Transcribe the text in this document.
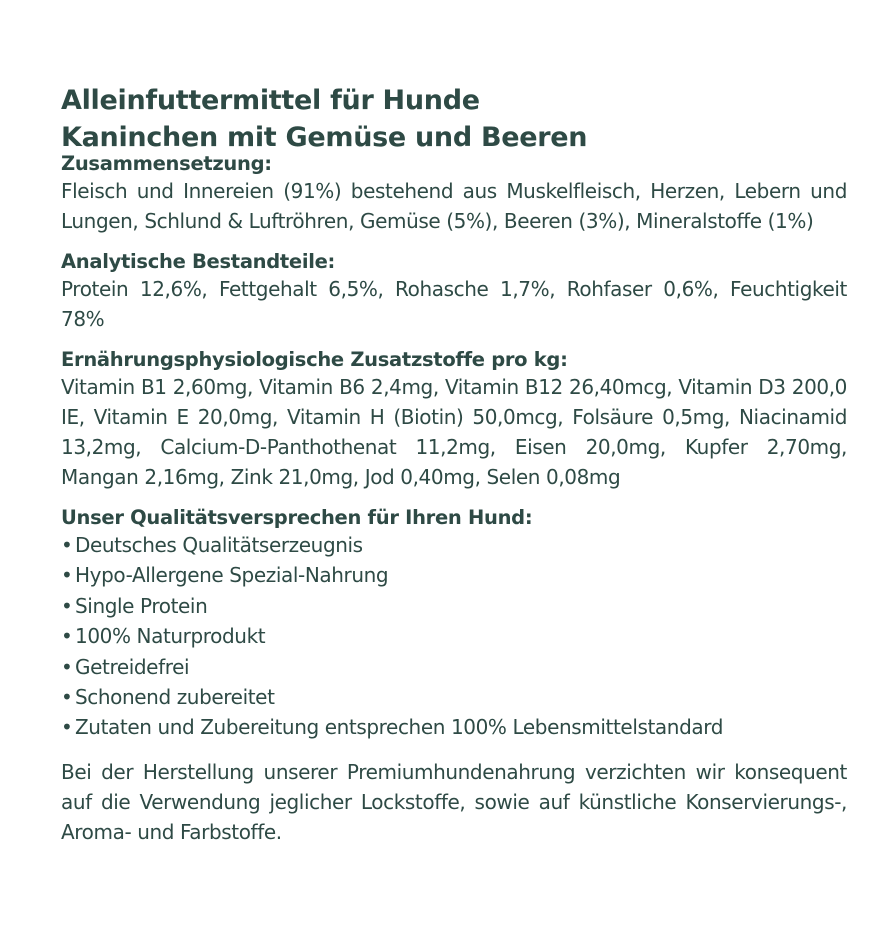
Alleinfuttermittel für Hunde
Kaninchen mit Gemüse und Beeren
Zusammensetzung:

Fleisch und Innereien (91%) bestehend aus Muskelfleisch, Herzen, Lebern und Lungen, Schlund & Luftröhren, Gemüse (5%), Beeren (3%), Mineralstoffe (1%)

Analytische Bestandteile:

Protein 12,6%, Fettgehalt 6,5%, Rohasche 1,7%, Rohfaser 0,6%, Feuchtigkeit 78%

Ernährungsphysiologische Zusatzstoffe pro kg:

Vitamin B1 2,60mg, Vitamin B6 2,4mg, Vitamin B12 26,40mcg, Vitamin D3 200,0 IE, Vitamin E 20,0mg, Vitamin H (Biotin) 50,0mcg, Folsäure 0,5mg, Niacinamid 13,2mg, Calcium-D-Panthothenat 11,2mg, Eisen 20,0mg, Kupfer 2,70mg, Mangan 2,16mg, Zink 21,0mg, Jod 0,40mg, Selen 0,08mg

Unser Qualitätsversprechen für Ihren Hund:
• Deutsches Qualitätserzeugnis
• Hypo-Allergene Spezial-Nahrung
• Single Protein
• 100% Naturprodukt
• Getreidefrei
• Schonend zubereitet
• Zutaten und Zubereitung entsprechen 100% Lebensmittelstandard

Bei der Herstellung unserer Premiumhundenahrung verzichten wir konsequent auf die Verwendung jeglicher Lockstoffe, sowie auf künstliche Konservierungs-, Aroma- und Farbstoffe.
